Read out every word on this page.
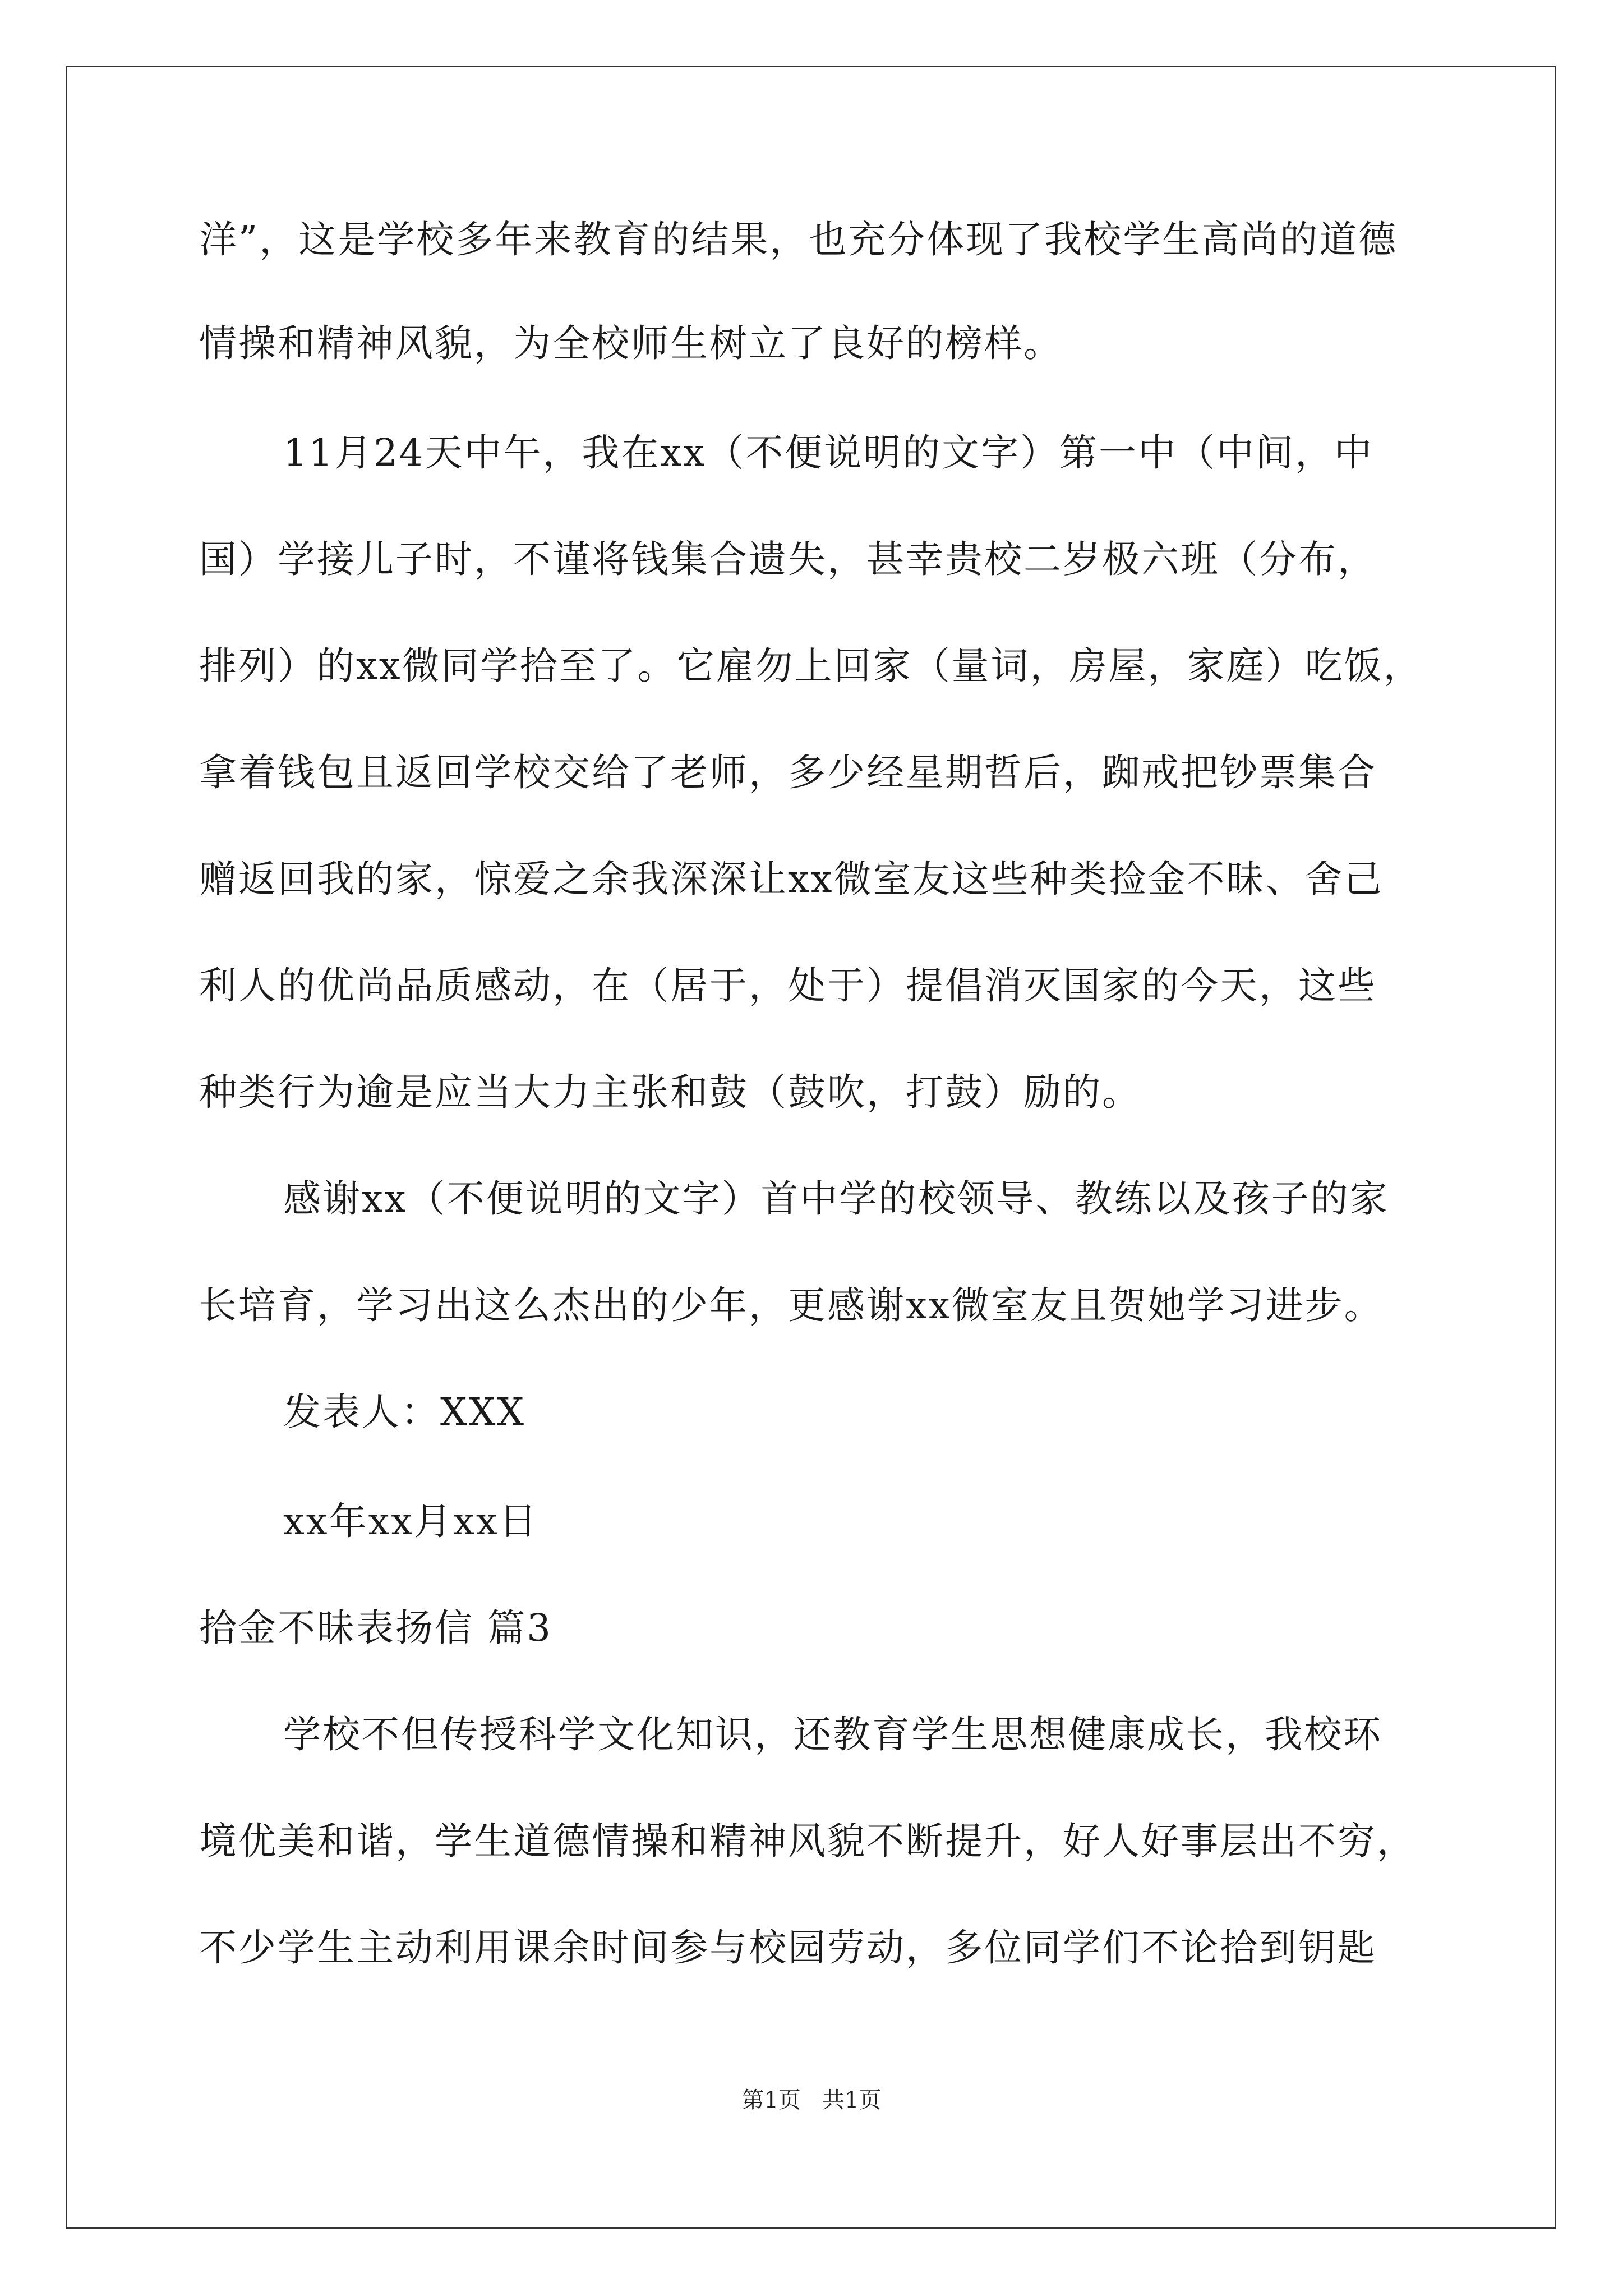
洋”，这是学校多年来教育的结果，也充分体现了我校学生高尚的道德
情操和精神风貌，为全校师生树立了良好的榜样。
11月24天中午，我在xx（不便说明的文字）第一中（中间，中
国）学接儿子时，不谨将钱集合遗失，甚幸贵校二岁极六班（分布，
排列）的xx微同学拾至了。它雇勿上回家（量词，房屋，家庭）吃饭，
拿着钱包且返回学校交给了老师，多少经星期哲后，踟戒把钞票集合
赠返回我的家，惊爱之余我深深让xx微室友这些种类捡金不昧、舍己
利人的优尚品质感动，在（居于，处于）提倡消灭国家的今天，这些
种类行为逾是应当大力主张和鼓（鼓吹，打鼓）励的。
感谢xx（不便说明的文字）首中学的校领导、教练以及孩子的家
长培育，学习出这么杰出的少年，更感谢xx微室友且贺她学习进步。
发表人：XXX
xx年xx月xx日
拾金不昧表扬信 篇3
学校不但传授科学文化知识，还教育学生思想健康成长，我校环
境优美和谐，学生道德情操和精神风貌不断提升，好人好事层出不穷，
不少学生主动利用课余时间参与校园劳动，多位同学们不论拾到钥匙
第1页   共1页
